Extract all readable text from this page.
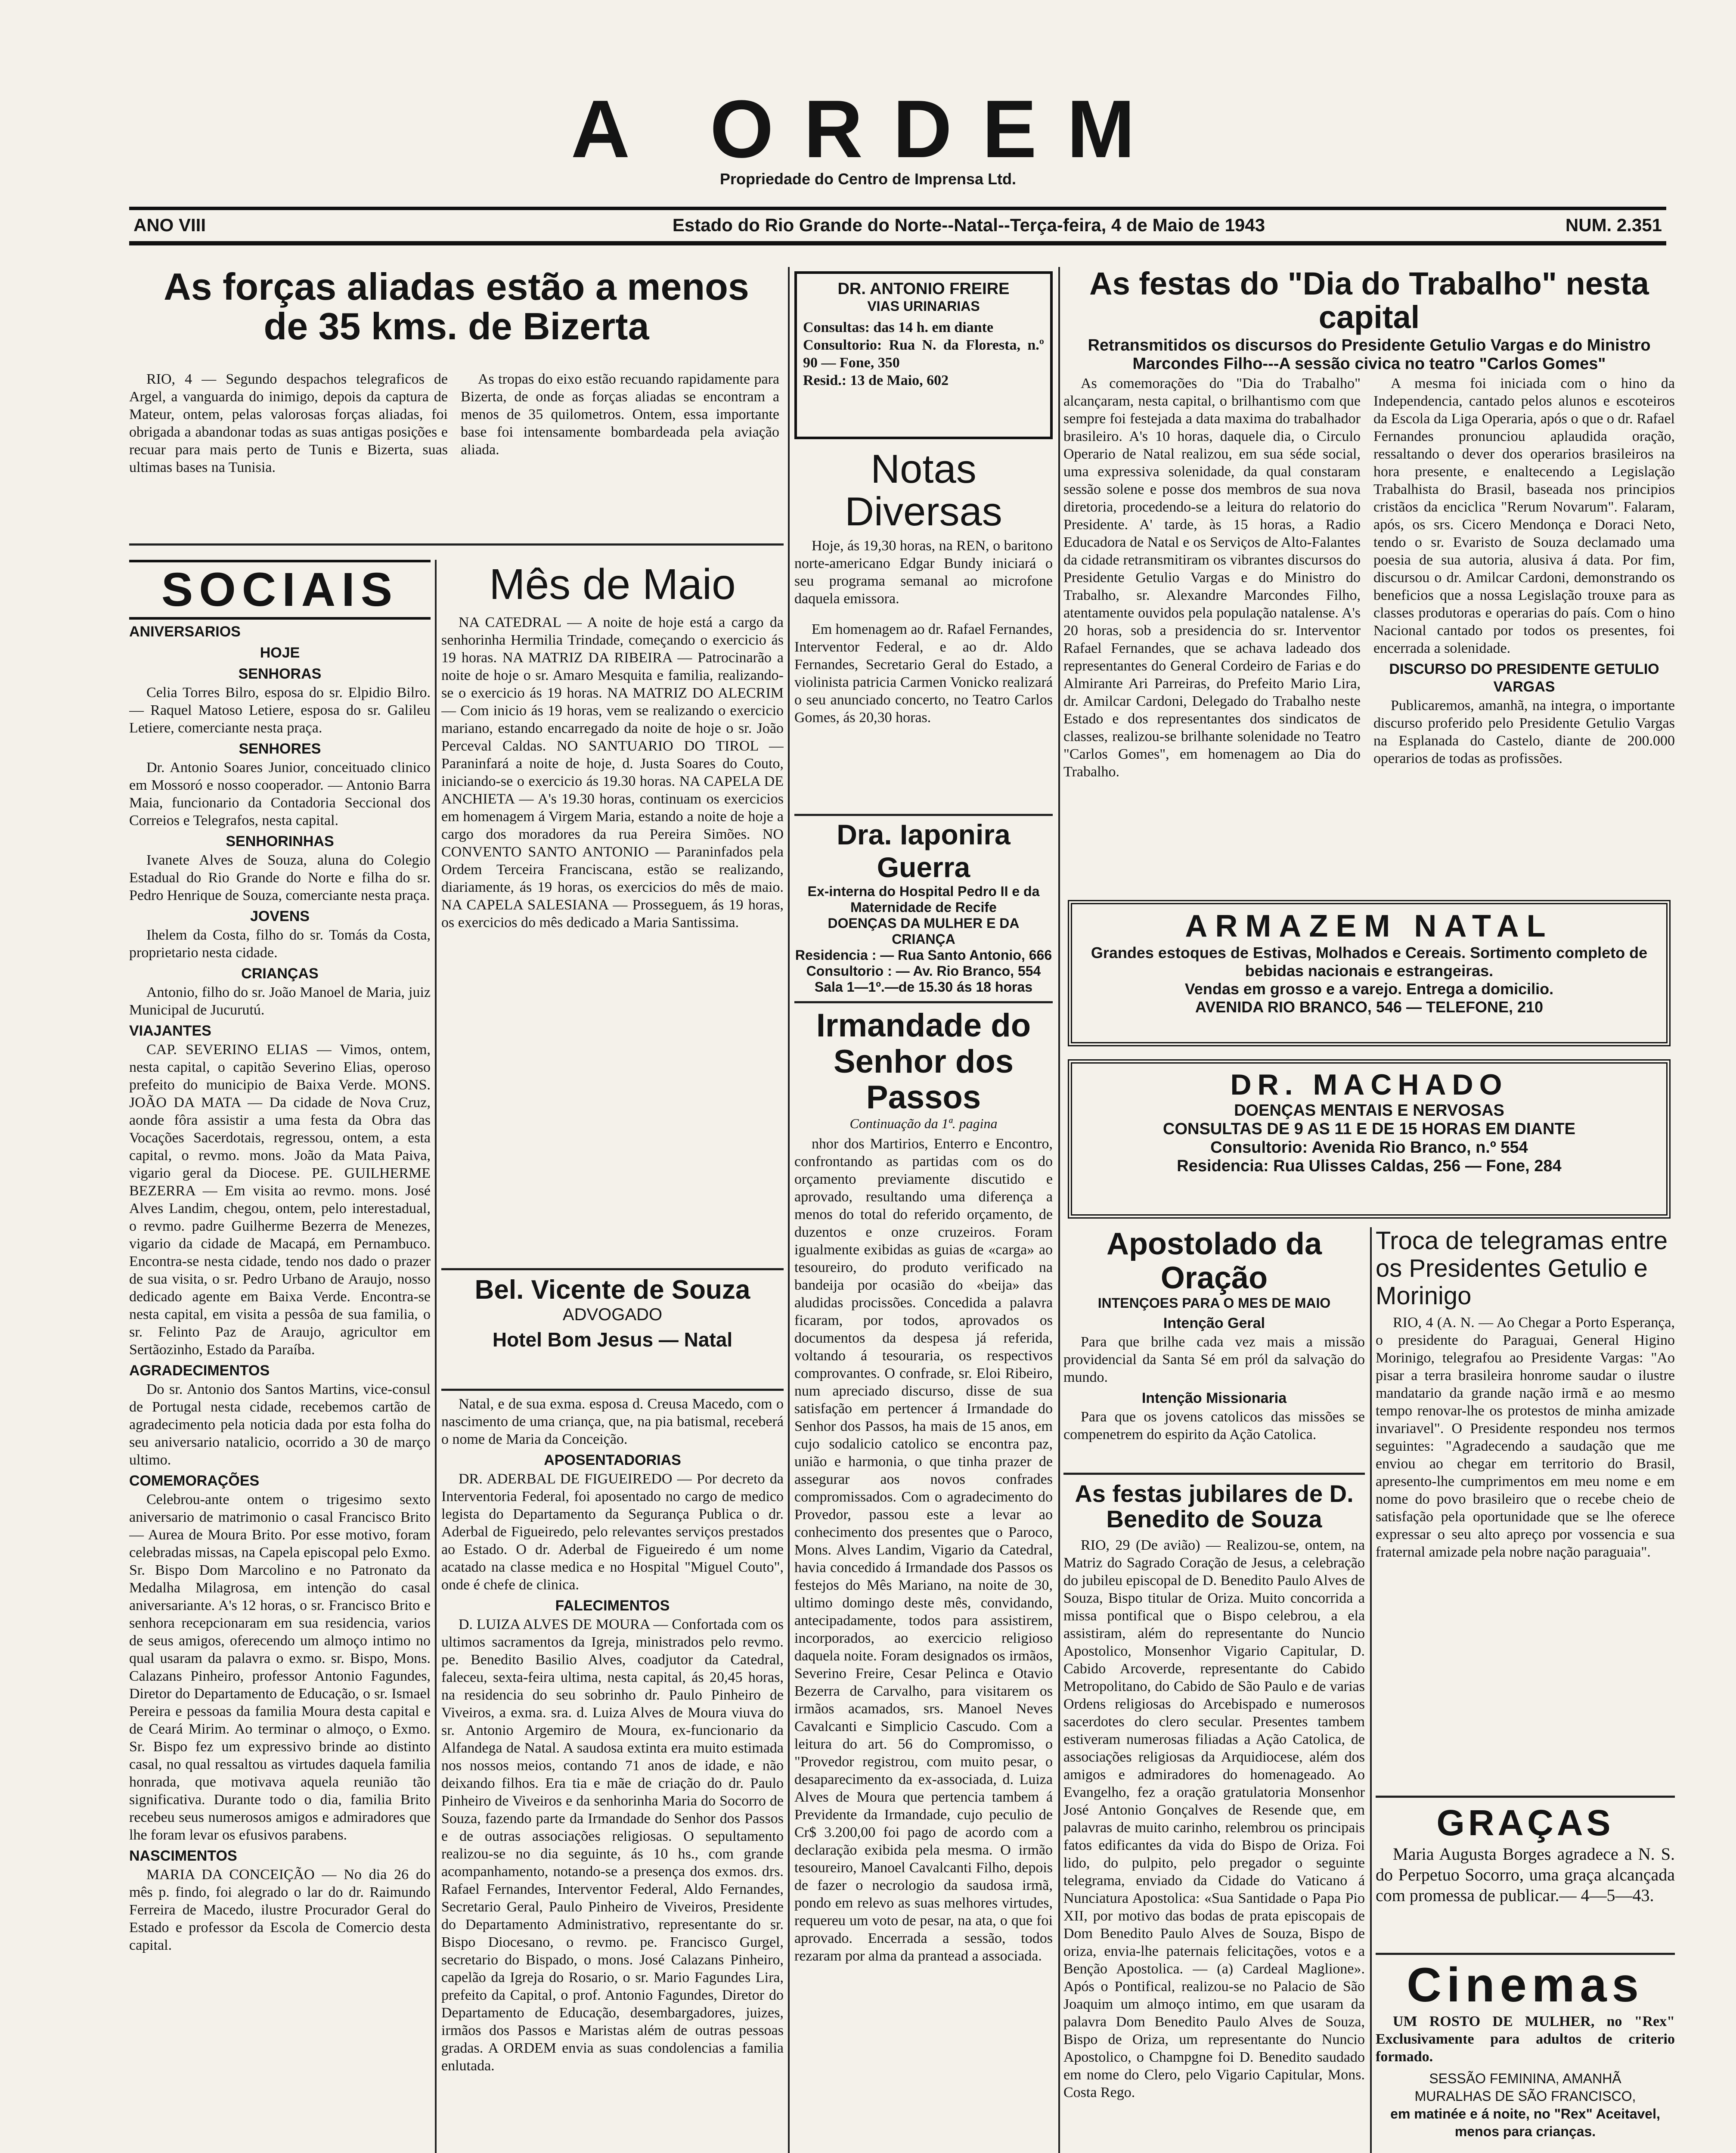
A ORDEM
Propriedade do Centro de Imprensa Ltd.
ANO VIII	Estado do Rio Grande do Norte--Natal--Terça-feira, 4 de Maio de 1943	NUM. 2.351
As forças aliadas estão a menos de 35 kms. de Bizerta

RIO, 4 — Segundo despachos telegraficos de Argel, a vanguarda do inimigo, depois da captura de Mateur, ontem, pelas valorosas forças aliadas, foi obrigada a abandonar todas as suas antigas posições e recuar para mais perto de Tunis e Bizerta, suas ultimas bases na Tunisia.

As tropas do eixo estão recuando rapidamente para Bizerta, de onde as forças aliadas se encontram a menos de 35 quilometros. Ontem, essa importante base foi intensamente bombardeada pela aviação aliada.

DR. ANTONIO FREIRE
VIAS URINARIAS
Consultas: das 14 h. em diante
Consultorio: Rua N. da Floresta, n.º 90 — Fone, 350
Resid.: 13 de Maio, 602
Notas Diversas

Hoje, ás 19,30 horas, na REN, o baritono norte-americano Edgar Bundy iniciará o seu programa semanal ao microfone daquela emissora.

Em homenagem ao dr. Rafael Fernandes, Interventor Federal, e ao dr. Aldo Fernandes, Secretario Geral do Estado, a violinista patricia Carmen Vonicko realizará o seu anunciado concerto, no Teatro Carlos Gomes, ás 20,30 horas.

Dra. Iaponira Guerra
Ex-interna do Hospital Pedro II e da Maternidade de Recife
DOENÇAS DA MULHER E DA CRIANÇA
Residencia : — Rua Santo Antonio, 666
Consultorio : — Av. Rio Branco, 554
Sala 1—1º.—de 15.30 ás 18 horas
Irmandade do Senhor dos Passos
Continuação da 1ª. pagina

nhor dos Martirios, Enterro e Encontro, confrontando as partidas com os do orçamento previamente discutido e aprovado, resultando uma diferença a menos do total do referido orçamento, de duzentos e onze cruzeiros. Foram igualmente exibidas as guias de «carga» ao tesoureiro, do produto verificado na bandeija por ocasião do «beija» das aludidas procissões. Concedida a palavra ficaram, por todos, aprovados os documentos da despesa já referida, voltando á tesouraria, os respectivos comprovantes. O confrade, sr. Eloi Ribeiro, num apreciado discurso, disse de sua satisfação em pertencer á Irmandade do Senhor dos Passos, ha mais de 15 anos, em cujo sodalicio catolico se encontra paz, união e harmonia, o que tinha prazer de assegurar aos novos confrades compromissados. Com o agradecimento do Provedor, passou este a levar ao conhecimento dos presentes que o Paroco, Mons. Alves Landim, Vigario da Catedral, havia concedido á Irmandade dos Passos os festejos do Mês Mariano, na noite de 30, ultimo domingo deste mês, convidando, antecipadamente, todos para assistirem, incorporados, ao exercicio religioso daquela noite. Foram designados os irmãos, Severino Freire, Cesar Pelinca e Otavio Bezerra de Carvalho, para visitarem os irmãos acamados, srs. Manoel Neves Cavalcanti e Simplicio Cascudo. Com a leitura do art. 56 do Compromisso, o "Provedor registrou, com muito pesar, o desaparecimento da ex-associada, d. Luiza Alves de Moura que pertencia tambem á Previdente da Irmandade, cujo peculio de Cr$ 3.200,00 foi pago de acordo com a declaração exibida pela mesma. O irmão tesoureiro, Manoel Cavalcanti Filho, depois de fazer o necrologio da saudosa irmã, pondo em relevo as suas melhores virtudes, requereu um voto de pesar, na ata, o que foi aprovado. Encerrada a sessão, todos rezaram por alma da prantead a associada.

SOCIAIS
ANIVERSARIOS
HOJE
SENHORAS

Celia Torres Bilro, esposa do sr. Elpidio Bilro. — Raquel Matoso Letiere, esposa do sr. Galileu Letiere, comerciante nesta praça.

SENHORES

Dr. Antonio Soares Junior, conceituado clinico em Mossoró e nosso cooperador. — Antonio Barra Maia, funcionario da Contadoria Seccional dos Correios e Telegrafos, nesta capital.

SENHORINHAS

Ivanete Alves de Souza, aluna do Colegio Estadual do Rio Grande do Norte e filha do sr. Pedro Henrique de Souza, comerciante nesta praça.

JOVENS

Ihelem da Costa, filho do sr. Tomás da Costa, proprietario nesta cidade.

CRIANÇAS

Antonio, filho do sr. João Manoel de Maria, juiz Municipal de Jucurutú.

VIAJANTES

CAP. SEVERINO ELIAS — Vimos, ontem, nesta capital, o capitão Severino Elias, operoso prefeito do municipio de Baixa Verde. MONS. JOÃO DA MATA — Da cidade de Nova Cruz, aonde fôra assistir a uma festa da Obra das Vocações Sacerdotais, regressou, ontem, a esta capital, o revmo. mons. João da Mata Paiva, vigario geral da Diocese. PE. GUILHERME BEZERRA — Em visita ao revmo. mons. José Alves Landim, chegou, ontem, pelo interestadual, o revmo. padre Guilherme Bezerra de Menezes, vigario da cidade de Macapá, em Pernambuco. Encontra-se nesta cidade, tendo nos dado o prazer de sua visita, o sr. Pedro Urbano de Araujo, nosso dedicado agente em Baixa Verde. Encontra-se nesta capital, em visita a pessôa de sua familia, o sr. Felinto Paz de Araujo, agricultor em Sertãozinho, Estado da Paraíba.

AGRADECIMENTOS

Do sr. Antonio dos Santos Martins, vice-consul de Portugal nesta cidade, recebemos cartão de agradecimento pela noticia dada por esta folha do seu aniversario natalicio, ocorrido a 30 de março ultimo.

COMEMORAÇÕES

Celebrou-ante ontem o trigesimo sexto aniversario de matrimonio o casal Francisco Brito — Aurea de Moura Brito. Por esse motivo, foram celebradas missas, na Capela episcopal pelo Exmo. Sr. Bispo Dom Marcolino e no Patronato da Medalha Milagrosa, em intenção do casal aniversariante. A's 12 horas, o sr. Francisco Brito e senhora recepcionaram em sua residencia, varios de seus amigos, oferecendo um almoço intimo no qual usaram da palavra o exmo. sr. Bispo, Mons. Calazans Pinheiro, professor Antonio Fagundes, Diretor do Departamento de Educação, o sr. Ismael Pereira e pessoas da familia Moura desta capital e de Ceará Mirim. Ao terminar o almoço, o Exmo. Sr. Bispo fez um expressivo brinde ao distinto casal, no qual ressaltou as virtudes daquela familia honrada, que motivava aquela reunião tão significativa. Durante todo o dia, familia Brito recebeu seus numerosos amigos e admiradores que lhe foram levar os efusivos parabens.

NASCIMENTOS

MARIA DA CONCEIÇÃO — No dia 26 do mês p. findo, foi alegrado o lar do dr. Raimundo Ferreira de Macedo, ilustre Procurador Geral do Estado e professor da Escola de Comercio desta capital.

Mês de Maio

NA CATEDRAL — A noite de hoje está a cargo da senhorinha Hermilia Trindade, começando o exercicio ás 19 horas. NA MATRIZ DA RIBEIRA — Patrocinarão a noite de hoje o sr. Amaro Mesquita e familia, realizando-se o exercicio ás 19 horas. NA MATRIZ DO ALECRIM — Com inicio ás 19 horas, vem se realizando o exercicio mariano, estando encarregado da noite de hoje o sr. João Perceval Caldas. NO SANTUARIO DO TIROL — Paraninfará a noite de hoje, d. Justa Soares do Couto, iniciando-se o exercicio ás 19.30 horas. NA CAPELA DE ANCHIETA — A's 19.30 horas, continuam os exercicios em homenagem á Virgem Maria, estando a noite de hoje a cargo dos moradores da rua Pereira Simões. NO CONVENTO SANTO ANTONIO — Paraninfados pela Ordem Terceira Franciscana, estão se realizando, diariamente, ás 19 horas, os exercicios do mês de maio. NA CAPELA SALESIANA — Prosseguem, ás 19 horas, os exercicios do mês dedicado a Maria Santissima.

Bel. Vicente de Souza
ADVOGADO
Hotel Bom Jesus — Natal

Natal, e de sua exma. esposa d. Creusa Macedo, com o nascimento de uma criança, que, na pia batismal, receberá o nome de Maria da Conceição.

APOSENTADORIAS

DR. ADERBAL DE FIGUEIREDO — Por decreto da Interventoria Federal, foi aposentado no cargo de medico legista do Departamento da Segurança Publica o dr. Aderbal de Figueiredo, pelo relevantes serviços prestados ao Estado. O dr. Aderbal de Figueiredo é um nome acatado na classe medica e no Hospital "Miguel Couto", onde é chefe de clinica.

FALECIMENTOS

D. LUIZA ALVES DE MOURA — Confortada com os ultimos sacramentos da Igreja, ministrados pelo revmo. pe. Benedito Basilio Alves, coadjutor da Catedral, faleceu, sexta-feira ultima, nesta capital, ás 20,45 horas, na residencia do seu sobrinho dr. Paulo Pinheiro de Viveiros, a exma. sra. d. Luiza Alves de Moura viuva do sr. Antonio Argemiro de Moura, ex-funcionario da Alfandega de Natal. A saudosa extinta era muito estimada nos nossos meios, contando 71 anos de idade, e não deixando filhos. Era tia e mãe de criação do dr. Paulo Pinheiro de Viveiros e da senhorinha Maria do Socorro de Souza, fazendo parte da Irmandade do Senhor dos Passos e de outras associações religiosas. O sepultamento realizou-se no dia seguinte, ás 10 hs., com grande acompanhamento, notando-se a presença dos exmos. drs. Rafael Fernandes, Interventor Federal, Aldo Fernandes, Secretario Geral, Paulo Pinheiro de Viveiros, Presidente do Departamento Administrativo, representante do sr. Bispo Diocesano, o revmo. pe. Francisco Gurgel, secretario do Bispado, o mons. José Calazans Pinheiro, capelão da Igreja do Rosario, o sr. Mario Fagundes Lira, prefeito da Capital, o prof. Antonio Fagundes, Diretor do Departamento de Educação, desembargadores, juizes, irmãos dos Passos e Maristas além de outras pessoas gradas. A ORDEM envia as suas condolencias a familia enlutada.

As festas do "Dia do Trabalho" nesta capital
Retransmitidos os discursos do Presidente Getulio Vargas e do Ministro Marcondes Filho---A sessão civica no teatro "Carlos Gomes"

As comemorações do "Dia do Trabalho" alcançaram, nesta capital, o brilhantismo com que sempre foi festejada a data maxima do trabalhador brasileiro. A's 10 horas, daquele dia, o Circulo Operario de Natal realizou, em sua séde social, uma expressiva solenidade, da qual constaram sessão solene e posse dos membros de sua nova diretoria, procedendo-se a leitura do relatorio do Presidente. A' tarde, às 15 horas, a Radio Educadora de Natal e os Serviços de Alto-Falantes da cidade retransmitiram os vibrantes discursos do Presidente Getulio Vargas e do Ministro do Trabalho, sr. Alexandre Marcondes Filho, atentamente ouvidos pela população natalense. A's 20 horas, sob a presidencia do sr. Interventor Rafael Fernandes, que se achava ladeado dos representantes do General Cordeiro de Farias e do Almirante Ari Parreiras, do Prefeito Mario Lira, dr. Amilcar Cardoni, Delegado do Trabalho neste Estado e dos representantes dos sindicatos de classes, realizou-se brilhante solenidade no Teatro "Carlos Gomes", em homenagem ao Dia do Trabalho.

A mesma foi iniciada com o hino da Independencia, cantado pelos alunos e escoteiros da Escola da Liga Operaria, após o que o dr. Rafael Fernandes pronunciou aplaudida oração, ressaltando o dever dos operarios brasileiros na hora presente, e enaltecendo a Legislação Trabalhista do Brasil, baseada nos principios cristãos da enciclica "Rerum Novarum". Falaram, após, os srs. Cicero Mendonça e Doraci Neto, tendo o sr. Evaristo de Souza declamado uma poesia de sua autoria, alusiva á data. Por fim, discursou o dr. Amilcar Cardoni, demonstrando os beneficios que a nossa Legislação trouxe para as classes produtoras e operarias do país. Com o hino Nacional cantado por todos os presentes, foi encerrada a solenidade.

DISCURSO DO PRESIDENTE GETULIO VARGAS

Publicaremos, amanhã, na integra, o importante discurso proferido pelo Presidente Getulio Vargas na Esplanada do Castelo, diante de 200.000 operarios de todas as profissões.

ARMAZEM NATAL
Grandes estoques de Estivas, Molhados e Cereais. Sortimento completo de bebidas nacionais e estrangeiras.
Vendas em grosso e a varejo. Entrega a domicilio.
AVENIDA RIO BRANCO, 546 — TELEFONE, 210
DR. MACHADO
DOENÇAS MENTAIS E NERVOSAS
CONSULTAS DE 9 AS 11 E DE 15 HORAS EM DIANTE
Consultorio: Avenida Rio Branco, n.º 554
Residencia: Rua Ulisses Caldas, 256 — Fone, 284
Apostolado da Oração
INTENÇOES PARA O MES DE MAIO
Intenção Geral

Para que brilhe cada vez mais a missão providencial da Santa Sé em pról da salvação do mundo.

Intenção Missionaria

Para que os jovens catolicos das missões se compenetrem do espirito da Ação Catolica.

As festas jubilares de D. Benedito de Souza

RIO, 29 (De avião) — Realizou-se, ontem, na Matriz do Sagrado Coração de Jesus, a celebração do jubileu episcopal de D. Benedito Paulo Alves de Souza, Bispo titular de Oriza. Muito concorrida a missa pontifical que o Bispo celebrou, a ela assistiram, além do representante do Nuncio Apostolico, Monsenhor Vigario Capitular, D. Cabido Arcoverde, representante do Cabido Metropolitano, do Cabido de São Paulo e de varias Ordens religiosas do Arcebispado e numerosos sacerdotes do clero secular. Presentes tambem estiveram numerosas filiadas a Ação Catolica, de associações religiosas da Arquidiocese, além dos amigos e admiradores do homenageado. Ao Evangelho, fez a oração gratulatoria Monsenhor José Antonio Gonçalves de Resende que, em palavras de muito carinho, relembrou os principais fatos edificantes da vida do Bispo de Oriza. Foi lido, do pulpito, pelo pregador o seguinte telegrama, enviado da Cidade do Vaticano á Nunciatura Apostolica: «Sua Santidade o Papa Pio XII, por motivo das bodas de prata episcopais de Dom Benedito Paulo Alves de Souza, Bispo de oriza, envia-lhe paternais felicitações, votos e a Benção Apostolica. — (a) Cardeal Maglione». Após o Pontifical, realizou-se no Palacio de São Joaquim um almoço intimo, em que usaram da palavra Dom Benedito Paulo Alves de Souza, Bispo de Oriza, um representante do Nuncio Apostolico, o Champgne foi D. Benedito saudado em nome do Clero, pelo Vigario Capitular, Mons. Costa Rego.

Troca de telegramas entre os Presidentes Getulio e Morinigo

RIO, 4 (A. N. — Ao Chegar a Porto Esperança, o presidente do Paraguai, General Higino Morinigo, telegrafou ao Presidente Vargas: "Ao pisar a terra brasileira honrome saudar o ilustre mandatario da grande nação irmã e ao mesmo tempo renovar-lhe os protestos de minha amizade invariavel". O Presidente respondeu nos termos seguintes: "Agradecendo a saudação que me enviou ao chegar em territorio do Brasil, apresento-lhe cumprimentos em meu nome e em nome do povo brasileiro que o recebe cheio de satisfação pela oportunidade que se lhe oferece expressar o seu alto apreço por vossencia e sua fraternal amizade pela nobre nação paraguaia".

GRAÇAS

Maria Augusta Borges agradece a N. S. do Perpetuo Socorro, uma graça alcançada com promessa de publicar.— 4—5—43.

Cinemas

UM ROSTO DE MULHER, no "Rex" Exclusivamente para adultos de criterio formado.

SESSÃO FEMININA, AMANHÃ
MURALHAS DE SÃO FRANCISCO,
em matinée e á noite, no "Rex" Aceitavel, menos para crianças.
